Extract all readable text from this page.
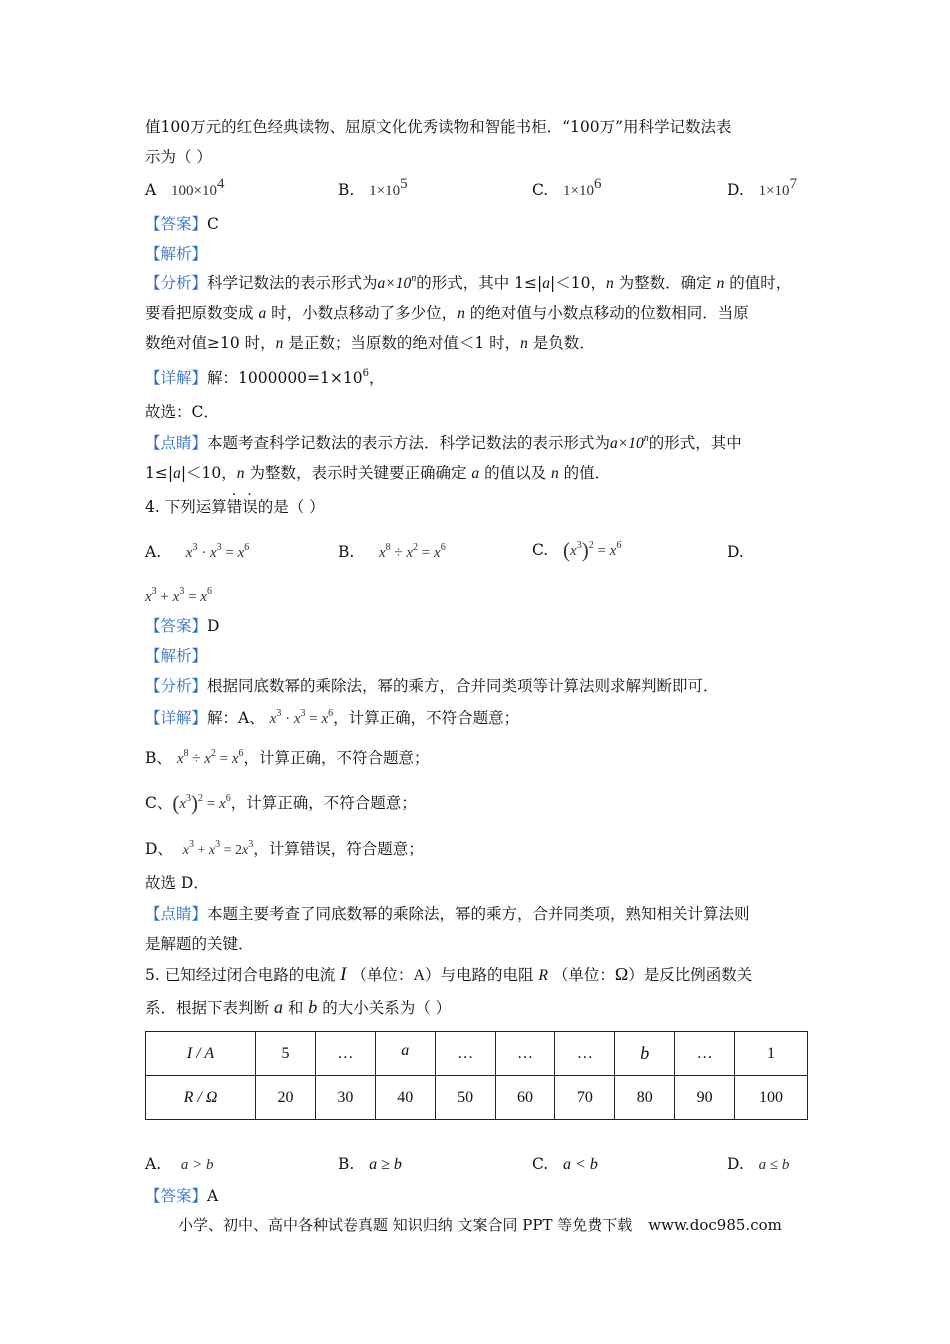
值100万元的红色经典读物、屈原文化优秀读物和智能书柜．“100万”用科学记数法表
示为（ ）
A $100\times 10^4$	B. $1\times 10^5$	C. $1\times 10^6$	D. $1\times 10^7$
【答案】C
【解析】
【分析】科学记数法的表示形式为$a\times 10^n$的形式，其中 1≤|a|＜10，n 为整数．确定 n 的值时，
要看把原数变成 a 时，小数点移动了多少位，n 的绝对值与小数点移动的位数相同．当原
数绝对值≥10 时，n 是正数；当原数的绝对值＜1 时，n 是负数．
【详解】解：$1000000=1\times 10^6$，
故选：C．
【点睛】本题考查科学记数法的表示方法．科学记数法的表示形式为$a\times 10^n$的形式，其中
1≤|a|＜10，n 为整数，表示时关键要正确确定 a 的值以及 n 的值．
4. 下列运算错误的是（ ）
A. $x^3 \cdot x^3 = x^6$	B. $x^8 \div x^2 = x^6$	C. $(x^3)^2 = x^6$	D.
$x^3 + x^3 = x^6$
【答案】D
【解析】
【分析】根据同底数幂的乘除法，幂的乘方，合并同类项等计算法则求解判断即可．
【详解】解：A、 $x^3 \cdot x^3 = x^6$，计算正确，不符合题意；
B、 $x^8 \div x^2 = x^6$，计算正确，不符合题意；
C、$(x^3)^2 = x^6$，计算正确，不符合题意；
D、 $x^3 + x^3 = 2x^3$，计算错误，符合题意；
故选 D．
【点睛】本题主要考查了同底数幂的乘除法，幂的乘方，合并同类项，熟知相关计算法则
是解题的关键．
5. 已知经过闭合电路的电流 I （单位：A）与电路的电阻 R （单位：Ω）是反比例函数关
系．根据下表判断 a 和 b 的大小关系为（ ）
I / A	5	…	a	…	…	…	b	…	1
R / Ω	20	30	40	50	60	70	80	90	100
A. a > b	B. a ≥ b	C. a < b	D. a ≤ b
【答案】A
小学、初中、高中各种试卷真题 知识归纳 文案合同 PPT 等免费下载 www.doc985.com
